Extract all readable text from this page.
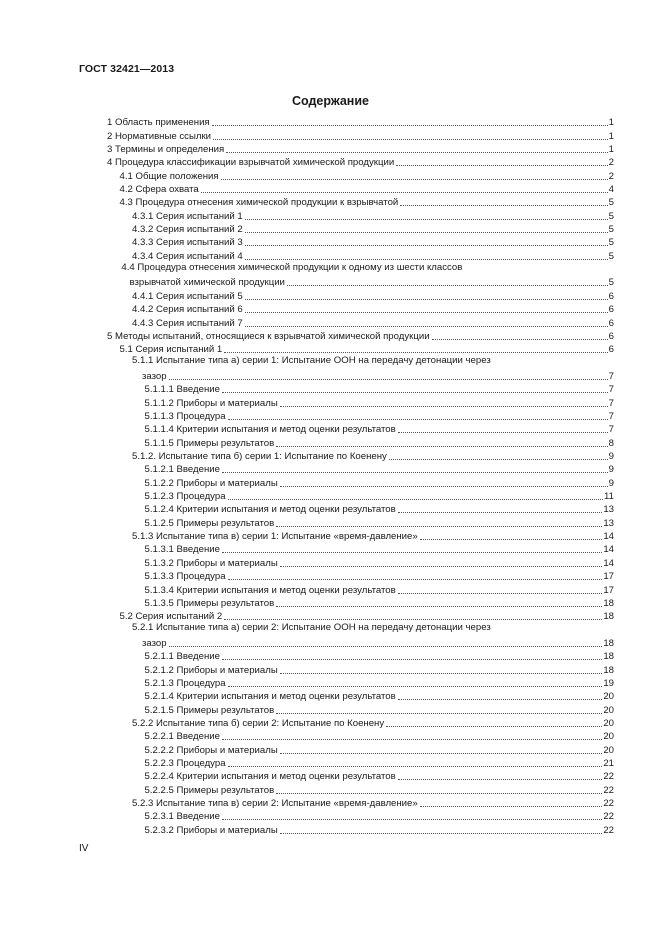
ГОСТ 32421—2013
Содержание
1 Область применения	1
2 Нормативные ссылки	1
3 Термины и определения	1
4 Процедура классификации взрывчатой химической продукции	2
4.1 Общие положения	2
4.2 Сфера охвата	4
4.3 Процедура отнесения химической продукции к взрывчатой	5
4.3.1 Серия испытаний 1	5
4.3.2 Серия испытаний 2	5
4.3.3 Серия испытаний 3	5
4.3.4 Серия испытаний 4	5
4.4 Процедура отнесения химической продукции к одному из шести классов
взрывчатой химической продукции	5
4.4.1 Серия испытаний 5	6
4.4.2 Серия испытаний 6	6
4.4.3 Серия испытаний 7	6
5 Методы испытаний, относящиеся к взрывчатой химической продукции	6
5.1 Серия испытаний 1	6
5.1.1 Испытание типа а) серии 1: Испытание ООН на передачу детонации через
зазор	7
5.1.1.1 Введение	7
5.1.1.2 Приборы и материалы	7
5.1.1.3 Процедура	7
5.1.1.4 Критерии испытания и метод оценки результатов	7
5.1.1.5 Примеры результатов	8
5.1.2. Испытание типа б) серии 1: Испытание по Коенену	9
5.1.2.1 Введение	9
5.1.2.2 Приборы и материалы	9
5.1.2.3 Процедура	11
5.1.2.4 Критерии испытания и метод оценки результатов	13
5.1.2.5 Примеры результатов	13
5.1.3 Испытание типа в) серии 1: Испытание «время-давление»	14
5.1.3.1 Введение	14
5.1.3.2 Приборы и материалы	14
5.1.3.3 Процедура	17
5.1.3.4 Критерии испытания и метод оценки результатов	17
5.1.3.5 Примеры результатов	18
5.2 Серия испытаний 2	18
5.2.1 Испытание типа а) серии 2: Испытание ООН на передачу детонации через
зазор	18
5.2.1.1 Введение	18
5.2.1.2 Приборы и материалы	18
5.2.1.3 Процедура	19
5.2.1.4 Критерии испытания и метод оценки результатов	20
5.2.1.5 Примеры результатов	20
5.2.2 Испытание типа б) серии 2: Испытание по Коенену	20
5.2.2.1 Введение	20
5.2.2.2 Приборы и материалы	20
5.2.2.3 Процедура	21
5.2.2.4 Критерии испытания и метод оценки результатов	22
5.2.2.5 Примеры результатов	22
5.2.3 Испытание типа в) серии 2: Испытание «время-давление»	22
5.2.3.1 Введение	22
5.2.3.2 Приборы и материалы	22
IV
